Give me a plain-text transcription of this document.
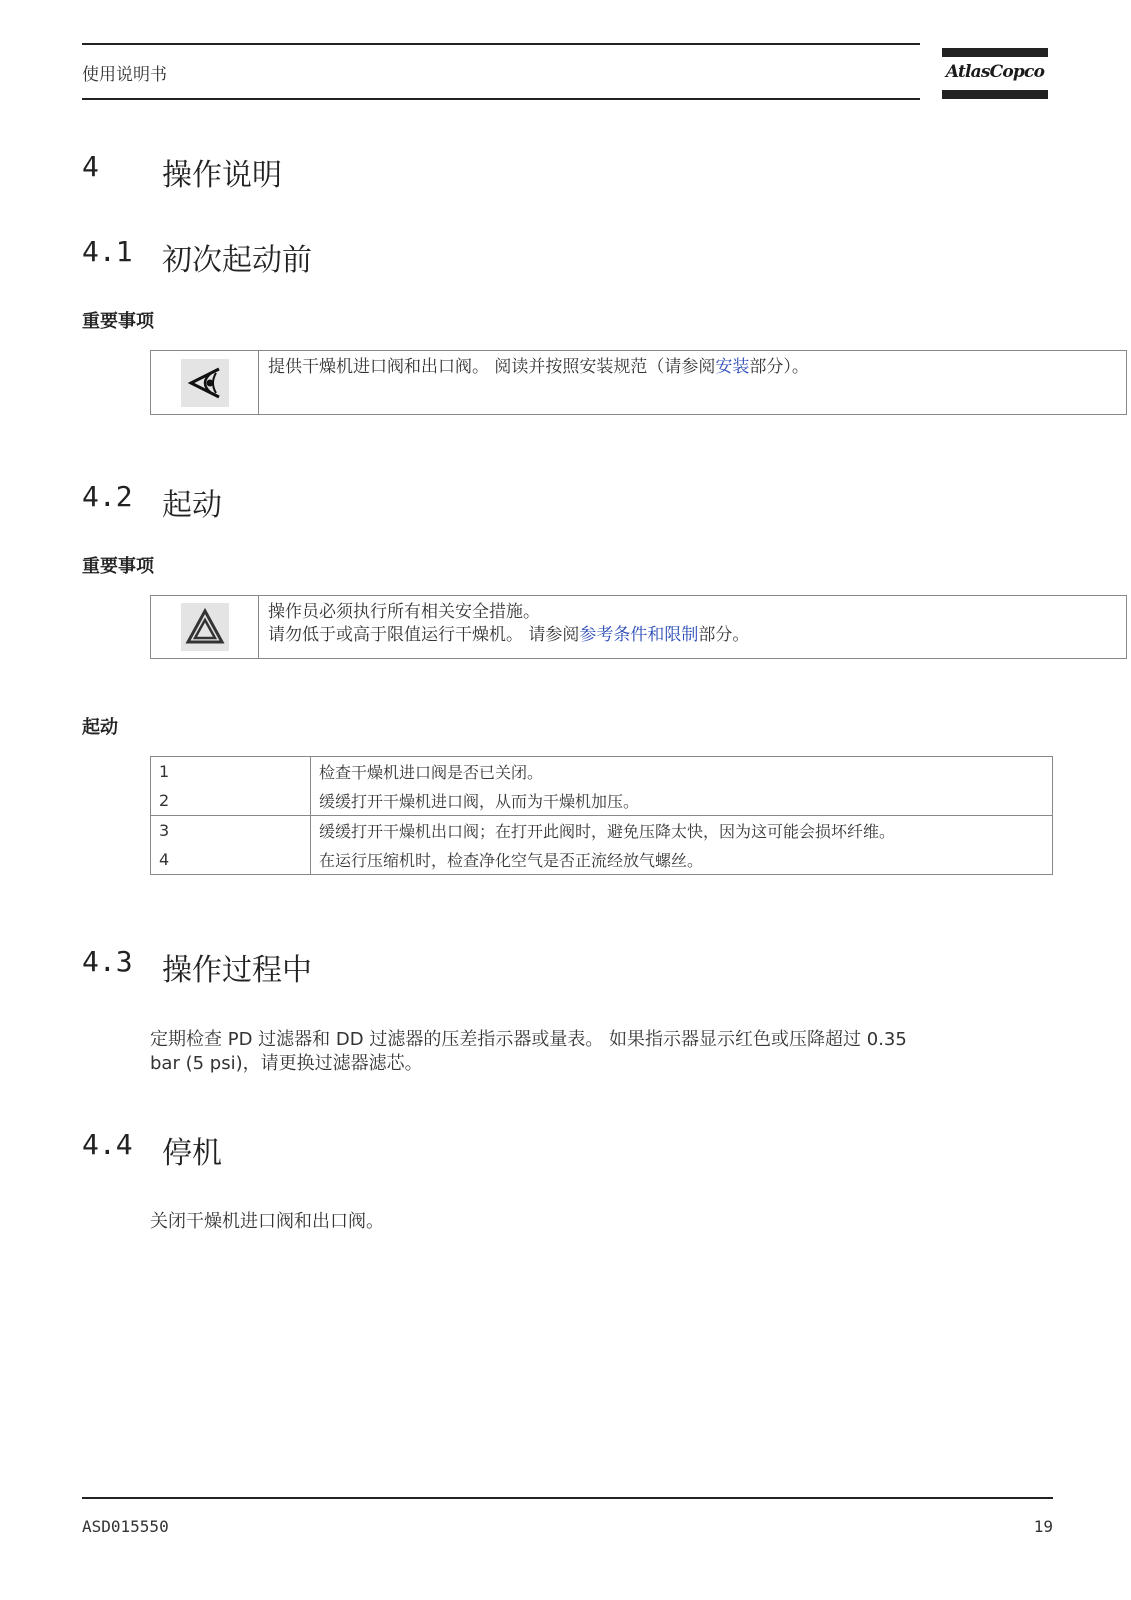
使用说明书	AtlasCopco
4	操作说明
4.1 初次起动前
重要事项
提供干燥机进口阀和出口阀。 阅读并按照安装规范（请参阅安装部分）。
4.2 起动
重要事项
操作员必须执行所有相关安全措施。
请勿低于或高于限值运行干燥机。 请参阅参考条件和限制部分。
起动
1	检查干燥机进口阀是否已关闭。
2	缓缓打开干燥机进口阀，从而为干燥机加压。
3	缓缓打开干燥机出口阀；在打开此阀时，避免压降太快，因为这可能会损坏纤维。
4	在运行压缩机时，检查净化空气是否正流经放气螺丝。
4.3 操作过程中
定期检查 PD 过滤器和 DD 过滤器的压差指示器或量表。 如果指示器显示红色或压降超过 0.35
bar (5 psi)，请更换过滤器滤芯。
4.4 停机
关闭干燥机进口阀和出口阀。
ASD015550	19
